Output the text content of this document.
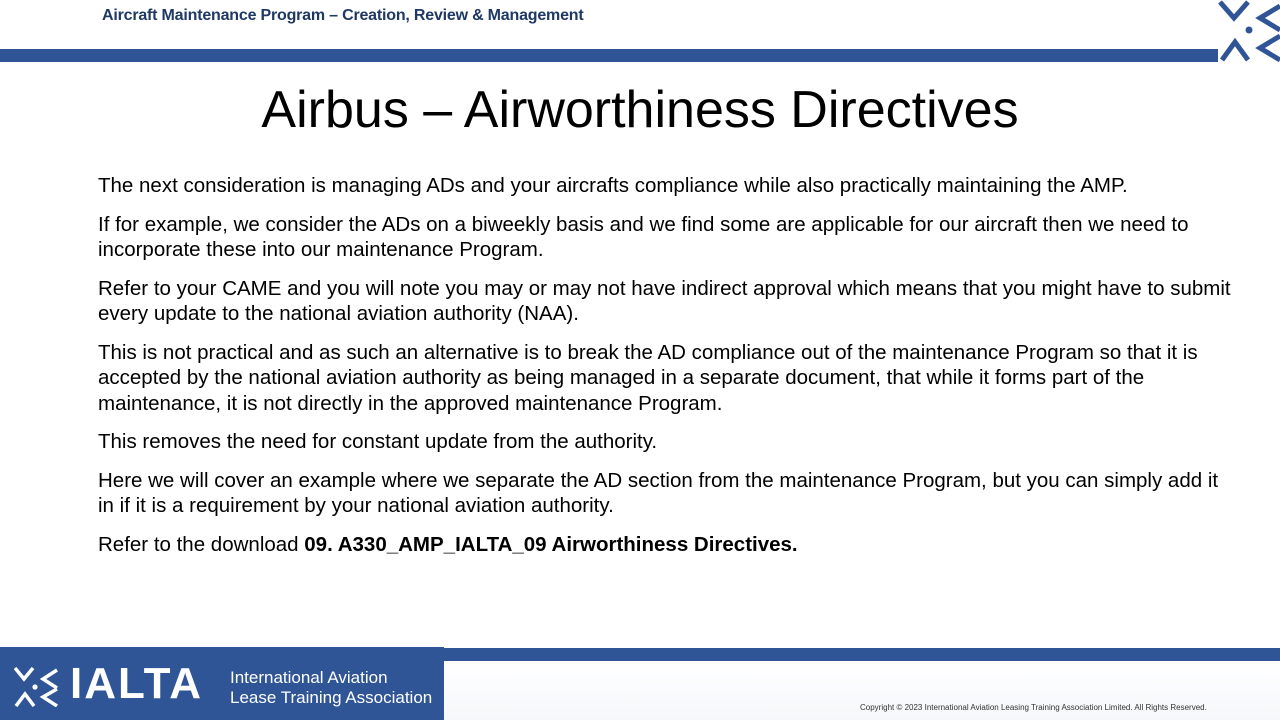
Aircraft Maintenance Program – Creation, Review & Management
Airbus – Airworthiness Directives

The next consideration is managing ADs and your aircrafts compliance while also practically maintaining the AMP.

If for example, we consider the ADs on a biweekly basis and we find some are applicable for our aircraft then we need to incorporate these into our maintenance Program.

Refer to your CAME and you will note you may or may not have indirect approval which means that you might have to submit every update to the national aviation authority (NAA).

This is not practical and as such an alternative is to break the AD compliance out of the maintenance Program so that it is accepted by the national aviation authority as being managed in a separate document, that while it forms part of the maintenance, it is not directly in the approved maintenance Program.

This removes the need for constant update from the authority.

Here we will cover an example where we separate the AD section from the maintenance Program, but you can simply add it in if it is a requirement by your national aviation authority.

Refer to the download 09. A330_AMP_IALTA_09 Airworthiness Directives.

IALTA International Aviation
Lease Training Association
Copyright © 2023 International Aviation Leasing Training Association Limited. All Rights Reserved.
